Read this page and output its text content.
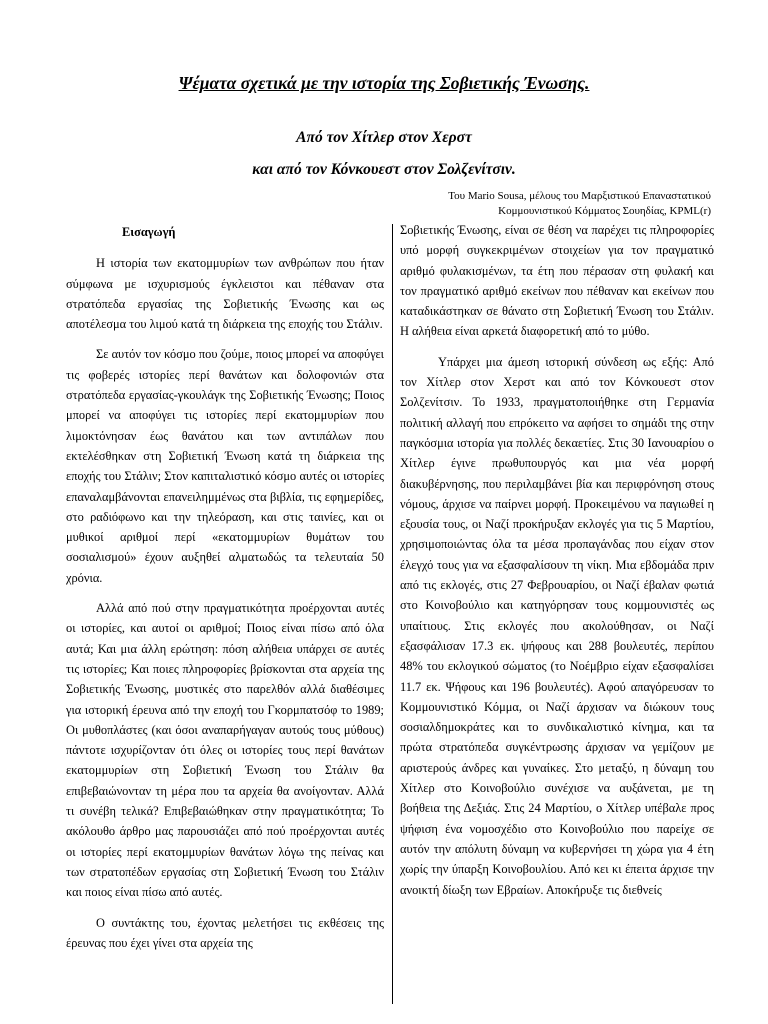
Ψέματα σχετικά με την ιστορία της Σοβιετικής Ένωσης.
Από τον Χίτλερ στον Χερστ
και από τον Κόνκουεστ στον Σολζενίτσιν.
Του Mario Sousa, μέλους του Μαρξιστικού Επαναστατικού
Κομμουνιστικού Κόμματος Σουηδίας, KPML(r)
Εισαγωγή

Η ιστορία των εκατομμυρίων των ανθρώπων που ήταν σύμφωνα με ισχυρισμούς έγκλειστοι και πέθαναν στα στρατόπεδα εργασίας της Σοβιετικής Ένωσης και ως αποτέλεσμα του λιμού κατά τη διάρκεια της εποχής του Στάλιν.

Σε αυτόν τον κόσμο που ζούμε, ποιος μπορεί να αποφύγει τις φοβερές ιστορίες περί θανάτων και δολοφονιών στα στρατόπεδα εργασίας-γκουλάγκ της Σοβιετικής Ένωσης; Ποιος μπορεί να αποφύγει τις ιστορίες περί εκατομμυρίων που λιμοκτόνησαν έως θανάτου και των αντιπάλων που εκτελέσθηκαν στη Σοβιετική Ένωση κατά τη διάρκεια της εποχής του Στάλιν; Στον καπιταλιστικό κόσμο αυτές οι ιστορίες επαναλαμβάνονται επανειλημμένως στα βιβλία, τις εφημερίδες, στο ραδιόφωνο και την τηλεόραση, και στις ταινίες, και οι μυθικοί αριθμοί περί «εκατομμυρίων θυμάτων του σοσιαλισμού» έχουν αυξηθεί αλματωδώς τα τελευταία 50 χρόνια.

Αλλά από πού στην πραγματικότητα προέρχονται αυτές οι ιστορίες, και αυτοί οι αριθμοί; Ποιος είναι πίσω από όλα αυτά; Και μια άλλη ερώτηση: πόση αλήθεια υπάρχει σε αυτές τις ιστορίες; Και ποιες πληροφορίες βρίσκονται στα αρχεία της Σοβιετικής Ένωσης, μυστικές στο παρελθόν αλλά διαθέσιμες για ιστορική έρευνα από την εποχή του Γκορμπατσόφ το 1989; Οι μυθοπλάστες (και όσοι αναπαρήγαγαν αυτούς τους μύθους) πάντοτε ισχυρίζονταν ότι όλες οι ιστορίες τους περί θανάτων εκατομμυρίων στη Σοβιετική Ένωση του Στάλιν θα επιβεβαιώνονταν τη μέρα που τα αρχεία θα ανοίγονταν. Αλλά τι συνέβη τελικά? Επιβεβαιώθηκαν στην πραγματικότητα; Το ακόλουθο άρθρο μας παρουσιάζει από πού προέρχονται αυτές οι ιστορίες περί εκατομμυρίων θανάτων λόγω της πείνας και των στρατοπέδων εργασίας στη Σοβιετική Ένωση του Στάλιν και ποιος είναι πίσω από αυτές.

Ο συντάκτης του, έχοντας μελετήσει τις εκθέσεις της έρευνας που έχει γίνει στα αρχεία της

Σοβιετικής Ένωσης, είναι σε θέση να παρέχει τις πληροφορίες υπό μορφή συγκεκριμένων στοιχείων για τον πραγματικό αριθμό φυλακισμένων, τα έτη που πέρασαν στη φυλακή και τον πραγματικό αριθμό εκείνων που πέθαναν και εκείνων που καταδικάστηκαν σε θάνατο στη Σοβιετική Ένωση του Στάλιν. Η αλήθεια είναι αρκετά διαφορετική από το μύθο.

Υπάρχει μια άμεση ιστορική σύνδεση ως εξής: Από τον Χίτλερ στον Χερστ και από τον Κόνκουεστ στον Σολζενίτσιν. Το 1933, πραγματοποιήθηκε στη Γερμανία πολιτική αλλαγή που επρόκειτο να αφήσει το σημάδι της στην παγκόσμια ιστορία για πολλές δεκαετίες. Στις 30 Ιανουαρίου ο Χίτλερ έγινε πρωθυπουργός και μια νέα μορφή διακυβέρνησης, που περιλαμβάνει βία και περιφρόνηση στους νόμους, άρχισε να παίρνει μορφή. Προκειμένου να παγιωθεί η εξουσία τους, οι Ναζί προκήρυξαν εκλογές για τις 5 Μαρτίου, χρησιμοποιώντας όλα τα μέσα προπαγάνδας που είχαν στον έλεγχό τους για να εξασφαλίσουν τη νίκη. Μια εβδομάδα πριν από τις εκλογές, στις 27 Φεβρουαρίου, οι Ναζί έβαλαν φωτιά στο Κοινοβούλιο και κατηγόρησαν τους κομμουνιστές ως υπαίτιους. Στις εκλογές που ακολούθησαν, οι Ναζί εξασφάλισαν 17.3 εκ. ψήφους και 288 βουλευτές, περίπου 48% του εκλογικού σώματος (το Νοέμβριο είχαν εξασφαλίσει 11.7 εκ. Ψήφους και 196 βουλευτές). Αφού απαγόρευσαν το Κομμουνιστικό Κόμμα, οι Ναζί άρχισαν να διώκουν τους σοσιαλδημοκράτες και το συνδικαλιστικό κίνημα, και τα πρώτα στρατόπεδα συγκέντρωσης άρχισαν να γεμίζουν με αριστερούς άνδρες και γυναίκες. Στο μεταξύ, η δύναμη του Χίτλερ στο Κοινοβούλιο συνέχισε να αυξάνεται, με τη βοήθεια της Δεξιάς. Στις 24 Μαρτίου, ο Χίτλερ υπέβαλε προς ψήφιση ένα νομοσχέδιο στο Κοινοβούλιο που παρείχε σε αυτόν την απόλυτη δύναμη να κυβερνήσει τη χώρα για 4 έτη χωρίς την ύπαρξη Κοινοβουλίου. Από κει κι έπειτα άρχισε την ανοικτή δίωξη των Εβραίων. Αποκήρυξε τις διεθνείς
